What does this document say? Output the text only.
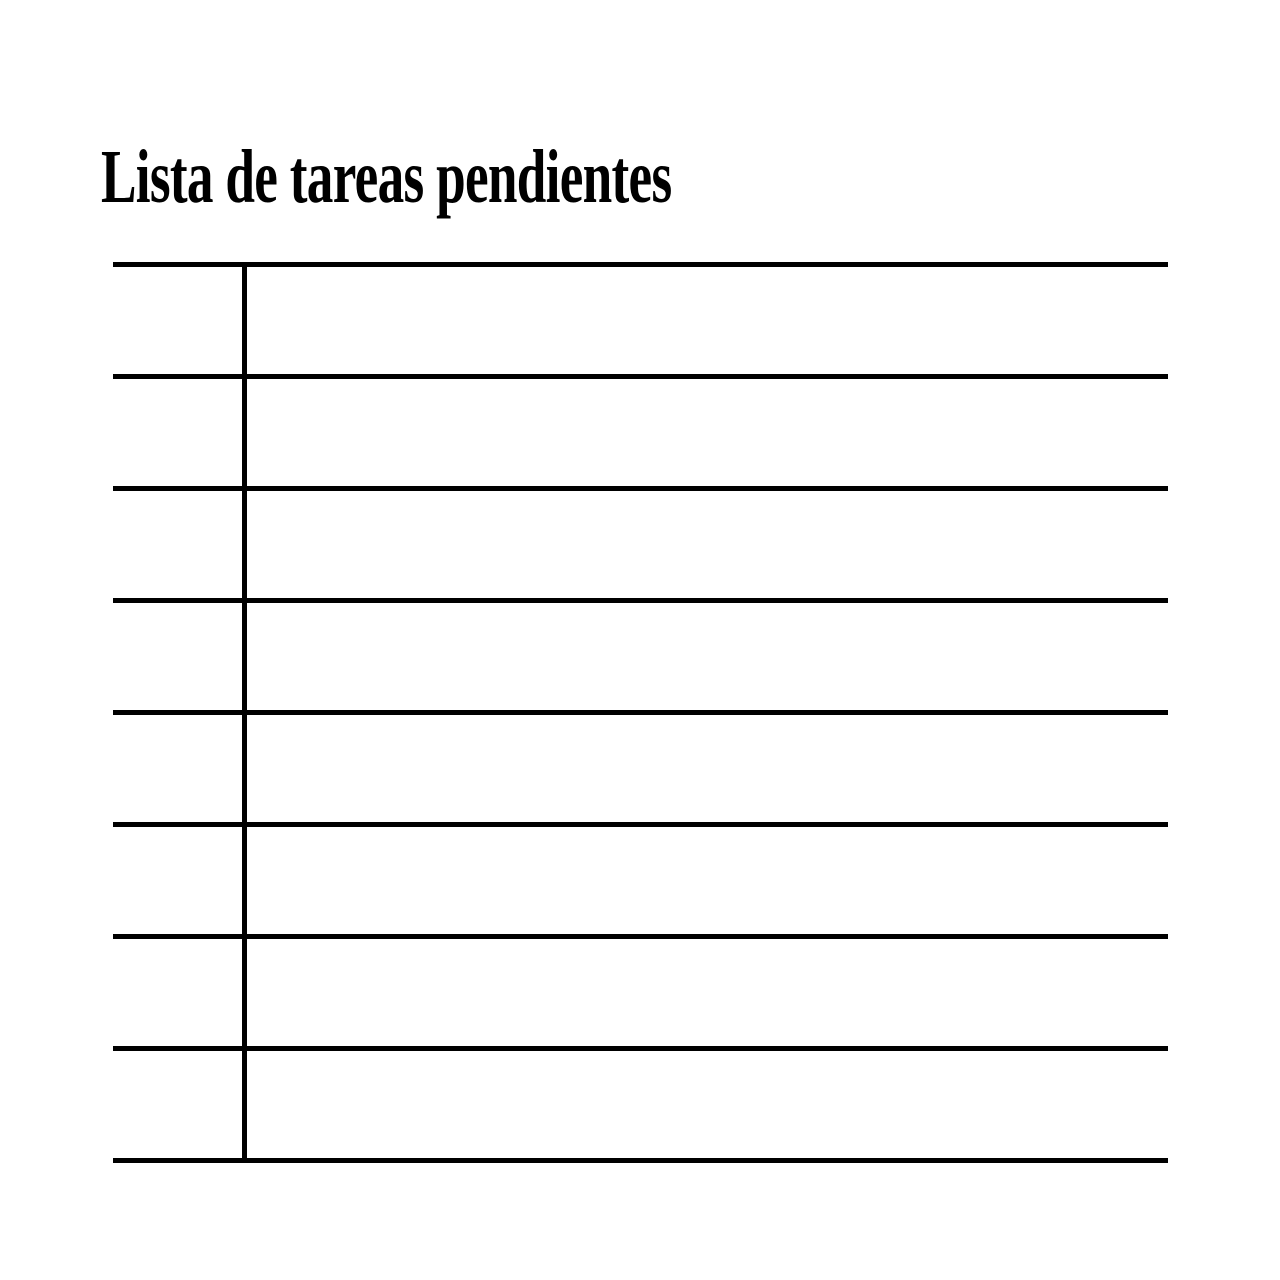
Lista de tareas pendientes
